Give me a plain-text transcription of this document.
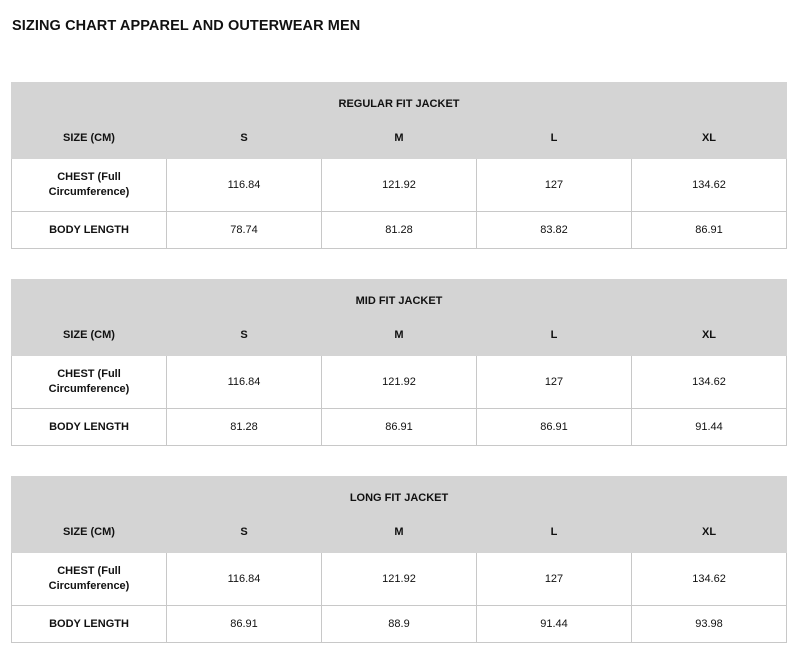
SIZING CHART APPAREL AND OUTERWEAR MEN
REGULAR FIT JACKET				
SIZE (CM)	S	M	L	XL
CHEST (Full Circumference)	116.84	121.92	127	134.62
BODY LENGTH	78.74	81.28	83.82	86.91
MID FIT JACKET				
SIZE (CM)	S	M	L	XL
CHEST (Full Circumference)	116.84	121.92	127	134.62
BODY LENGTH	81.28	86.91	86.91	91.44
LONG FIT JACKET				
SIZE (CM)	S	M	L	XL
CHEST (Full Circumference)	116.84	121.92	127	134.62
BODY LENGTH	86.91	88.9	91.44	93.98
